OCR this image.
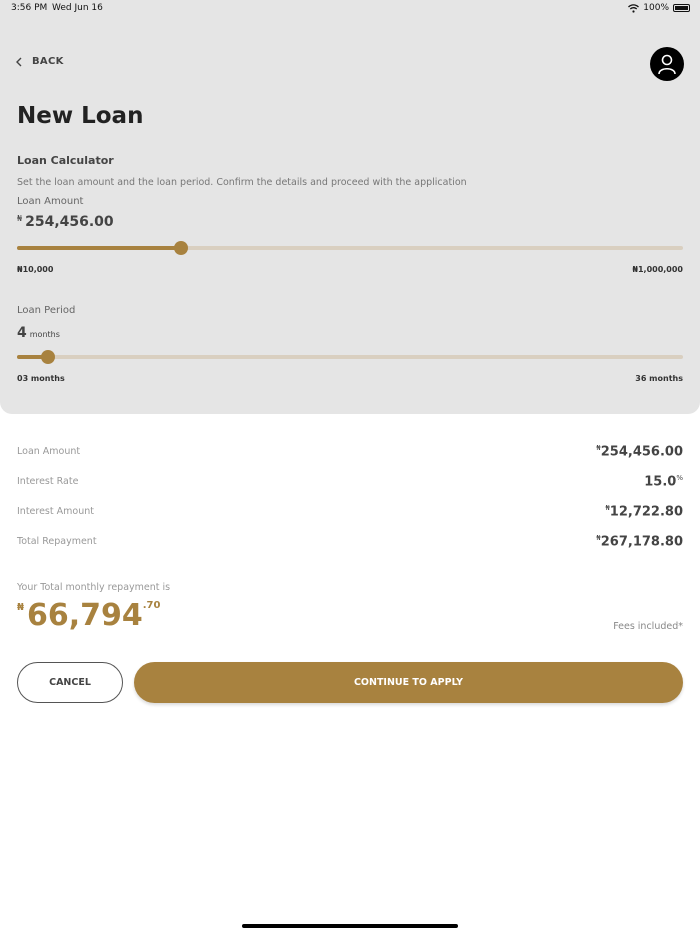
3:56 PM Wed Jun 16	100%
BACK
New Loan
Loan Calculator
Set the loan amount and the loan period. Confirm the details and proceed with the application
Loan Amount
₦ 254,456.00
₦10,000	₦1,000,000
Loan Period
4 months
03 months	36 months
Loan Amount	₦254,456.00
Interest Rate	15.0%
Interest Amount	₦12,722.80
Total Repayment	₦267,178.80
Your Total monthly repayment is
₦ 66,794 .70
Fees included*
CANCEL	CONTINUE TO APPLY
